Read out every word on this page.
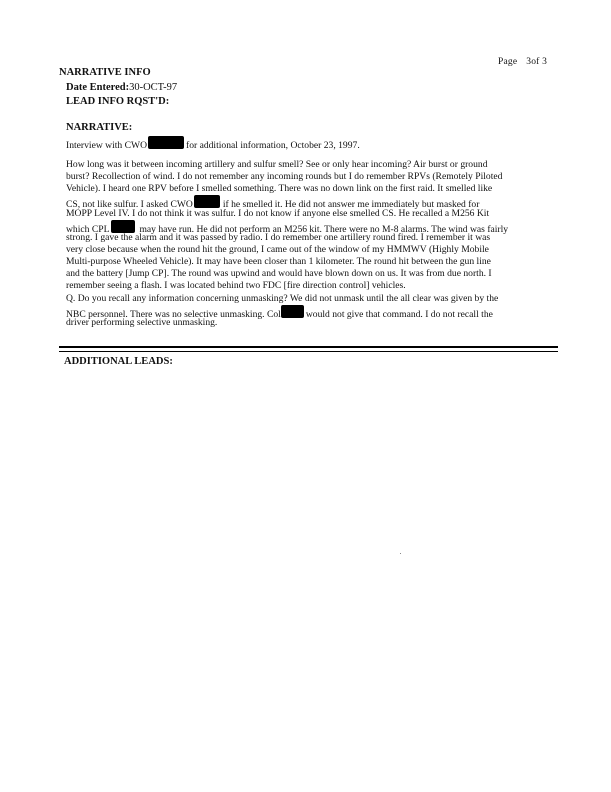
Page 3of 3
NARRATIVE INFO
Date Entered:30-OCT-97
LEAD INFO RQST'D:
NARRATIVE:
Interview with CWO	for additional information, October 23, 1997.
How long was it between incoming artillery and sulfur smell? See or only hear incoming? Air burst or ground
burst? Recollection of wind. I do not remember any incoming rounds but I do remember RPVs (Remotely Piloted
Vehicle). I heard one RPV before I smelled something. There was no down link on the first raid. It smelled like
CS, not like sulfur. I asked CWO	if he smelled it. He did not answer me immediately but masked for
MOPP Level IV. I do not think it was sulfur. I do not know if anyone else smelled CS. He recalled a M256 Kit
which CPL	may have run. He did not perform an M256 kit. There were no M-8 alarms. The wind was fairly
strong. I gave the alarm and it was passed by radio. I do remember one artillery round fired. I remember it was
very close because when the round hit the ground, I came out of the window of my HMMWV (Highly Mobile
Multi-purpose Wheeled Vehicle). It may have been closer than 1 kilometer. The round hit between the gun line
and the battery [Jump CP]. The round was upwind and would have blown down on us. It was from due north. I
remember seeing a flash. I was located behind two FDC [fire direction control] vehicles.
Q. Do you recall any information concerning unmasking? We did not unmask until the all clear was given by the
NBC personnel. There was no selective unmasking. Col	would not give that command. I do not recall the
driver performing selective unmasking.
ADDITIONAL LEADS:
